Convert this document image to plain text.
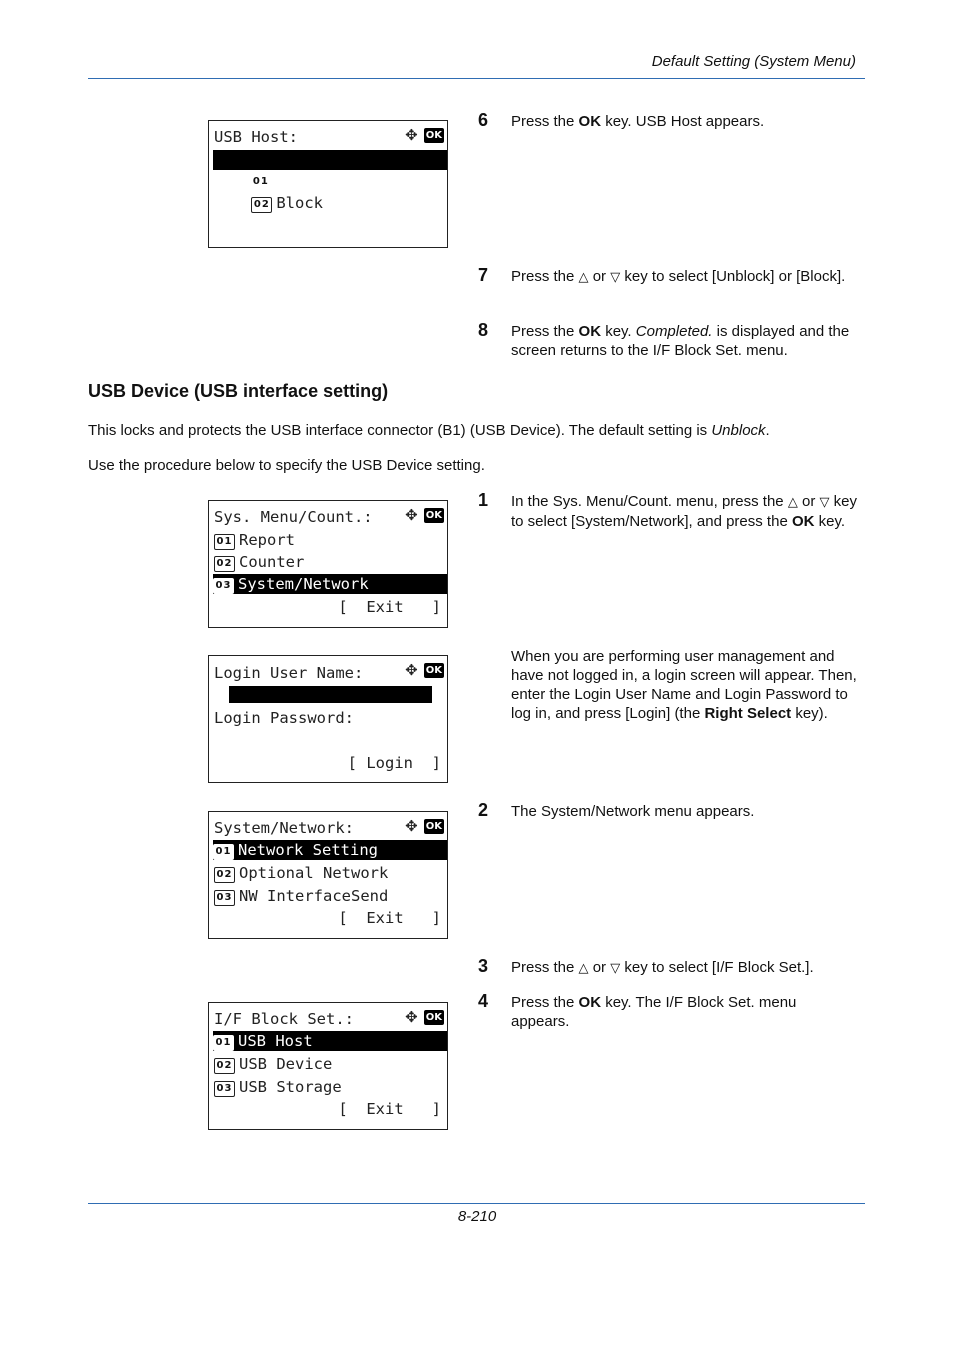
Default Setting (System Menu)
USB Host:	✥ OK

01 *Unblock

02 Block

6 Press the OK key. USB Host appears.
7 Press the △ or ▽ key to select [Unblock] or [Block].
8 Press the OK key. Completed. is displayed and the screen returns to the I/F Block Set. menu.
USB Device (USB interface setting)
This locks and protects the USB interface connector (B1) (USB Device). The default setting is Unblock.
Use the procedure below to specify the USB Device setting.
Sys. Menu/Count.:	✥ OK
01 Report
02 Counter
03 System/Network
[  Exit   ]
1 In the Sys. Menu/Count. menu, press the △ or ▽ key to select [System/Network], and press the OK key.
Login User Name:	✥ OK
Login Password:
[ Login  ]
When you are performing user management and have not logged in, a login screen will appear. Then, enter the Login User Name and Login Password to log in, and press [Login] (the Right Select key).
System/Network:	✥ OK
01 Network Setting
02 Optional Network
03 NW InterfaceSend
[  Exit   ]
2 The System/Network menu appears.
3 Press the △ or ▽ key to select [I/F Block Set.].
I/F Block Set.:	✥ OK
01 USB Host
02 USB Device
03 USB Storage
[  Exit   ]
4 Press the OK key. The I/F Block Set. menu appears.
8-210
